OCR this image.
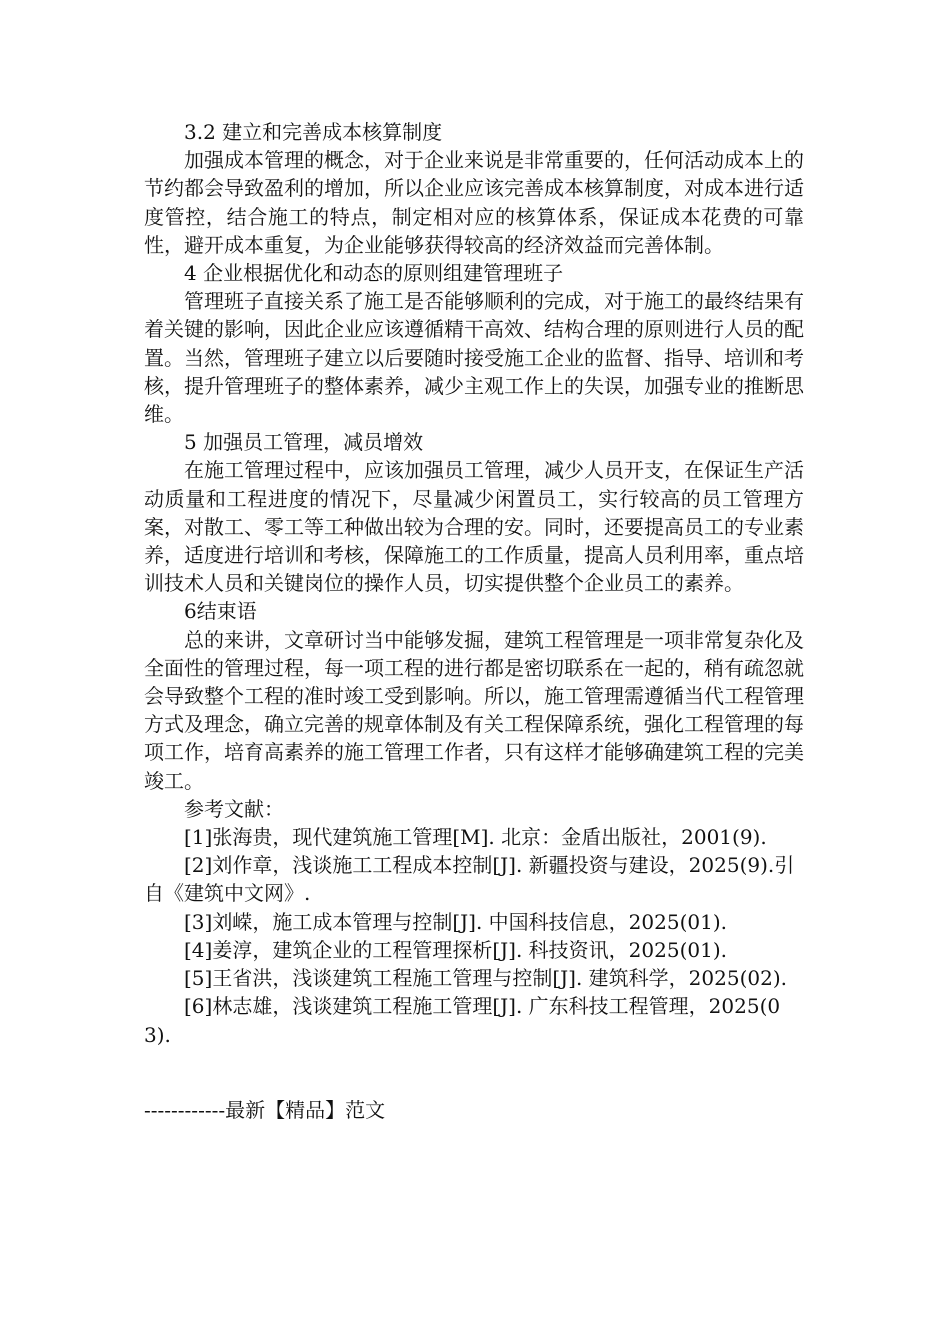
3.2 建立和完善成本核算制度

加强成本管理的概念，对于企业来说是非常重要的，任何活动成本上的节约都会导致盈利的增加，所以企业应该完善成本核算制度，对成本进行适度管控，结合施工的特点，制定相对应的核算体系，保证成本花费的可靠性，避开成本重复，为企业能够获得较高的经济效益而完善体制。

4 企业根据优化和动态的原则组建管理班子

管理班子直接关系了施工是否能够顺利的完成，对于施工的最终结果有着关键的影响，因此企业应该遵循精干高效、结构合理的原则进行人员的配置。当然，管理班子建立以后要随时接受施工企业的监督、指导、培训和考核，提升管理班子的整体素养，减少主观工作上的失误，加强专业的推断思维。

5 加强员工管理，减员增效

在施工管理过程中，应该加强员工管理，减少人员开支，在保证生产活动质量和工程进度的情况下，尽量减少闲置员工，实行较高的员工管理方案，对散工、零工等工种做出较为合理的安。同时，还要提高员工的专业素养，适度进行培训和考核，保障施工的工作质量，提高人员利用率，重点培训技术人员和关键岗位的操作人员，切实提供整个企业员工的素养。

6结束语

总的来讲，文章研讨当中能够发掘，建筑工程管理是一项非常复杂化及全面性的管理过程，每一项工程的进行都是密切联系在一起的，稍有疏忽就会导致整个工程的准时竣工受到影响。所以，施工管理需遵循当代工程管理方式及理念，确立完善的规章体制及有关工程保障系统，强化工程管理的每项工作，培育高素养的施工管理工作者，只有这样才能够确建筑工程的完美竣工。

参考文献：

[1]张海贵，现代建筑施工管理[M]. 北京：金盾出版社，2001(9).

[2]刘作章，浅谈施工工程成本控制[J]. 新疆投资与建设，2025(9).引自《建筑中文网》.

[3]刘嵘，施工成本管理与控制[J]. 中国科技信息，2025(01).

[4]姜淳，建筑企业的工程管理探析[J]. 科技资讯，2025(01).

[5]王省洪，浅谈建筑工程施工管理与控制[J]. 建筑科学，2025(02).

[6]林志雄，浅谈建筑工程施工管理[J]. 广东科技工程管理，2025(03).

------------最新【精品】范文
